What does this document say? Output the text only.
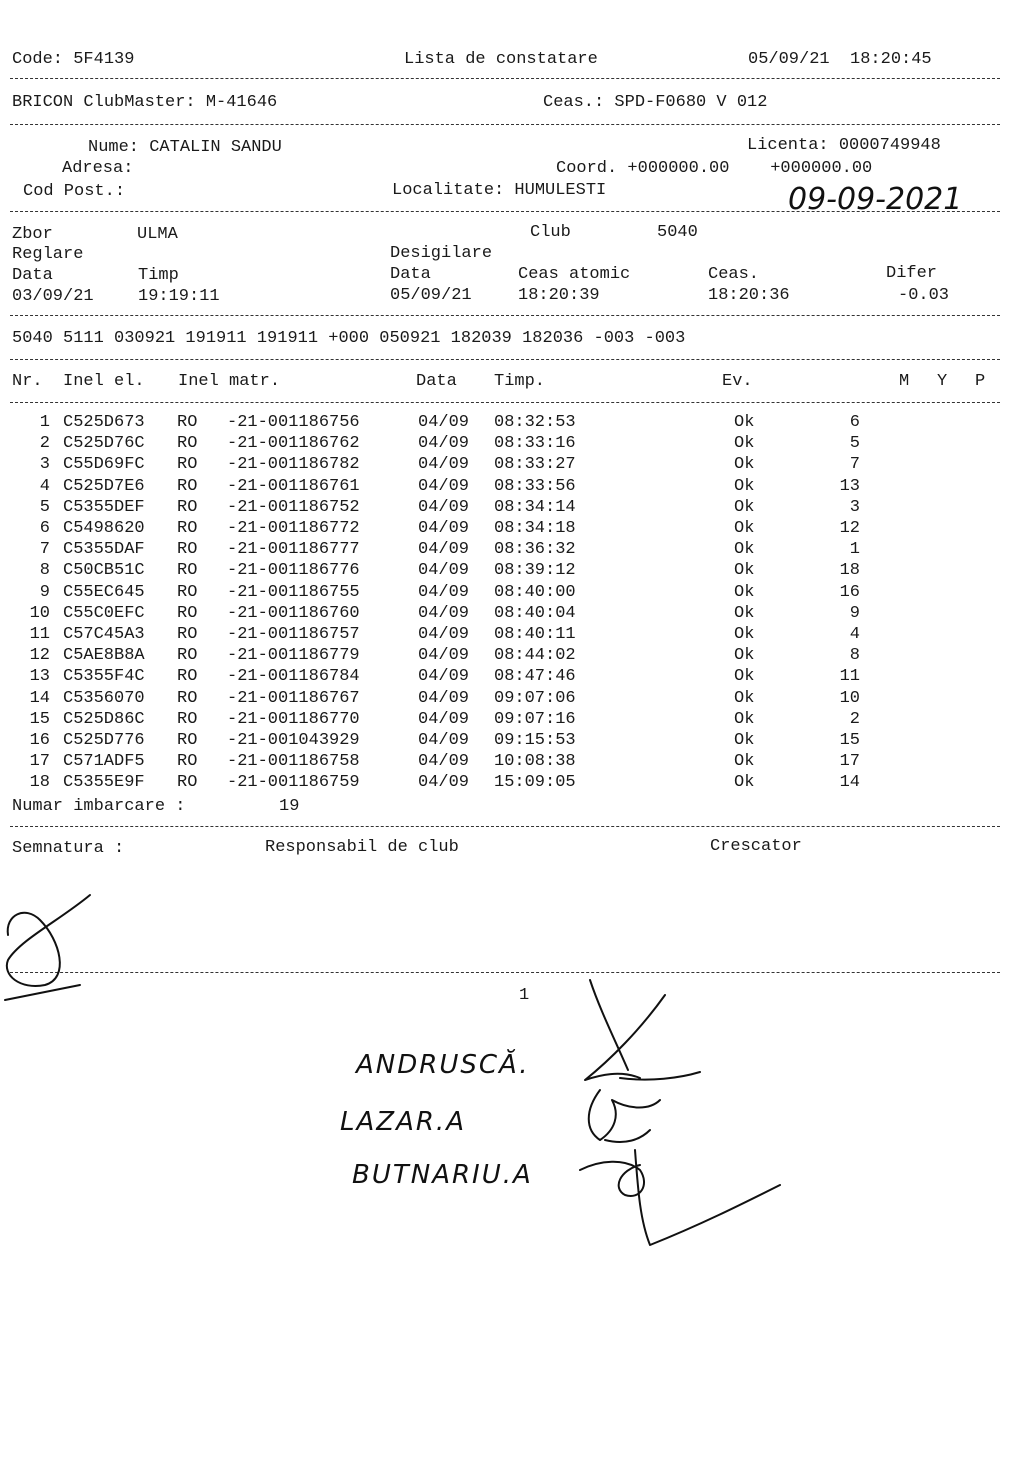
Code: 5F4139	Lista de constatare	05/09/21  18:20:45
BRICON ClubMaster: M-41646	Ceas.: SPD-F0680 V 012
Nume: CATALIN SANDU	Licenta: 0000749948
Adresa:	Coord. +000000.00    +000000.00
Cod Post.:	Localitate: HUMULESTI	09-09-2021
Zbor	ULMA	Club	5040
Reglare	Desigilare
Data	Timp	Data	Ceas atomic	Ceas.	Difer
03/09/21	19:19:11	05/09/21	18:20:39	18:20:36	-0.03
5040 5111 030921 191911 191911 +000 050921 182039 182036 -003 -003
Nr. Inel el. Inel matr.	Data Timp.	Ev.	M Y P
1 C525D673	RO	-21-001186756	04/09	08:32:53	Ok	6
2 C525D76C	RO	-21-001186762	04/09	08:33:16	Ok	5
3 C55D69FC	RO	-21-001186782	04/09	08:33:27	Ok	7
4 C525D7E6	RO	-21-001186761	04/09	08:33:56	Ok	13
5 C5355DEF	RO	-21-001186752	04/09	08:34:14	Ok	3
6 C5498620	RO	-21-001186772	04/09	08:34:18	Ok	12
7 C5355DAF	RO	-21-001186777	04/09	08:36:32	Ok	1
8 C50CB51C	RO	-21-001186776	04/09	08:39:12	Ok	18
9 C55EC645	RO	-21-001186755	04/09	08:40:00	Ok	16
10 C55C0EFC	RO	-21-001186760	04/09	08:40:04	Ok	9
11 C57C45A3	RO	-21-001186757	04/09	08:40:11	Ok	4
12 C5AE8B8A	RO	-21-001186779	04/09	08:44:02	Ok	8
13 C5355F4C	RO	-21-001186784	04/09	08:47:46	Ok	11
14 C5356070	RO	-21-001186767	04/09	09:07:06	Ok	10
15 C525D86C	RO	-21-001186770	04/09	09:07:16	Ok	2
16 C525D776	RO	-21-001043929	04/09	09:15:53	Ok	15
17 C571ADF5	RO	-21-001186758	04/09	10:08:38	Ok	17
18 C5355E9F	RO	-21-001186759	04/09	15:09:05	Ok	14
Numar imbarcare :	19
Semnatura :	Responsabil de club	Crescator
1
ANDRUSCĂ.
LAZAR.A
BUTNARIU.A
